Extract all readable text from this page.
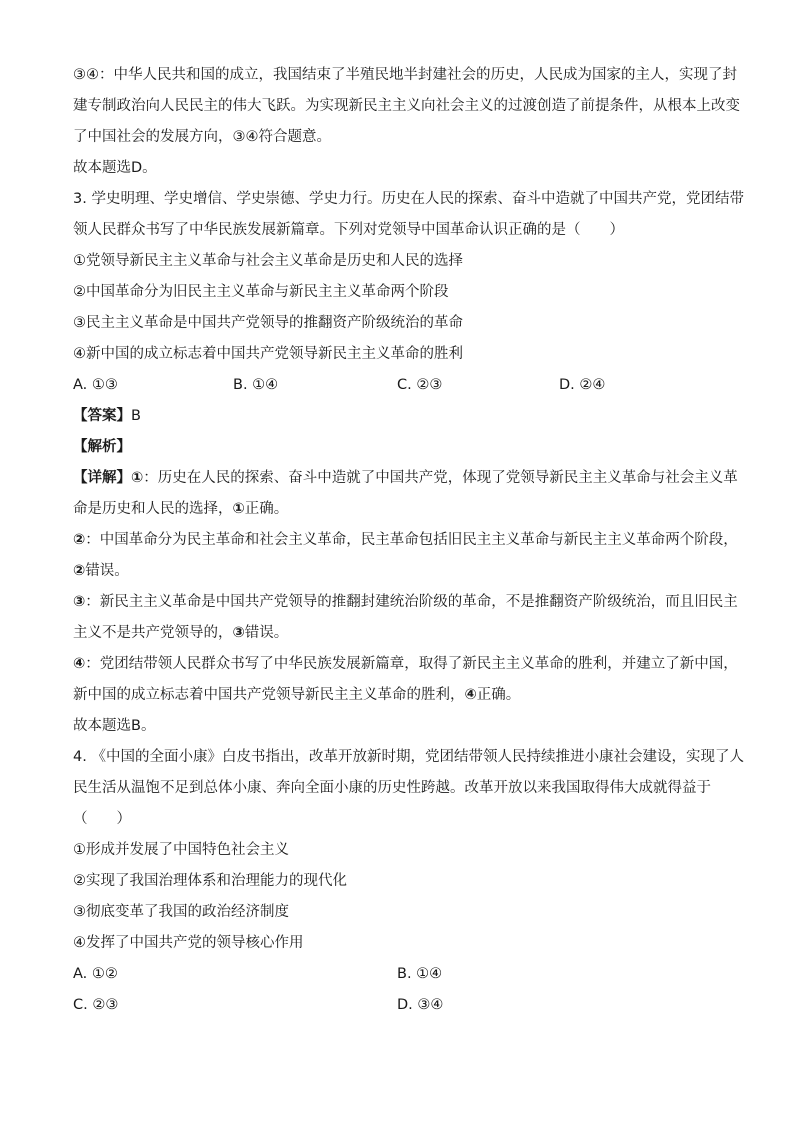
③④：中华人民共和国的成立，我国结束了半殖民地半封建社会的历史，人民成为国家的主人，实现了封
建专制政治向人民民主的伟大飞跃。为实现新民主主义向社会主义的过渡创造了前提条件，从根本上改变
了中国社会的发展方向，③④符合题意。
故本题选D。
3. 学史明理、学史增信、学史崇德、学史力行。历史在人民的探索、奋斗中造就了中国共产党，党团结带
领人民群众书写了中华民族发展新篇章。下列对党领导中国革命认识正确的是（　　）
①党领导新民主主义革命与社会主义革命是历史和人民的选择
②中国革命分为旧民主主义革命与新民主主义革命两个阶段
③民主主义革命是中国共产党领导的推翻资产阶级统治的革命
④新中国的成立标志着中国共产党领导新民主主义革命的胜利
A. ①③	B. ①④	C. ②③	D. ②④
【答案】B
【解析】
【详解】①：历史在人民的探索、奋斗中造就了中国共产党，体现了党领导新民主主义革命与社会主义革
命是历史和人民的选择，①正确。
②：中国革命分为民主革命和社会主义革命，民主革命包括旧民主主义革命与新民主主义革命两个阶段，
②错误。
③：新民主主义革命是中国共产党领导的推翻封建统治阶级的革命，不是推翻资产阶级统治，而且旧民主
主义不是共产党领导的，③错误。
④：党团结带领人民群众书写了中华民族发展新篇章，取得了新民主主义革命的胜利，并建立了新中国，
新中国的成立标志着中国共产党领导新民主主义革命的胜利，④正确。
故本题选B。
4. 《中国的全面小康》白皮书指出，改革开放新时期，党团结带领人民持续推进小康社会建设，实现了人
民生活从温饱不足到总体小康、奔向全面小康的历史性跨越。改革开放以来我国取得伟大成就得益于
（　　）
①形成并发展了中国特色社会主义
②实现了我国治理体系和治理能力的现代化
③彻底变革了我国的政治经济制度
④发挥了中国共产党的领导核心作用
A. ①②	B. ①④
C. ②③	D. ③④
